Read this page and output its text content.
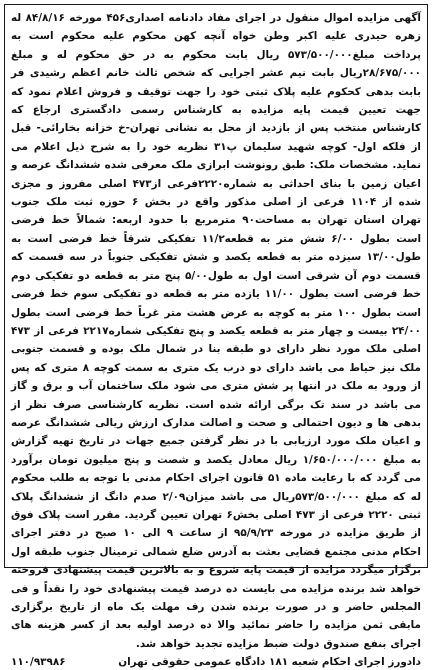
آگهی مزایده اموال منقول در اجرای مفاد دادنامه اصداری۴۵۶ مورخه ۸۴/۸/۱۶ له زهره حیدری علیه اکبر وطن خواه آنچه کهن محکوم علیه محکوم است به پرداخت مبلغ۵۷۳/۵۰۰/۰۰۰ ریال بابت محکوم به در حق محکوم له و مبلغ ۲۸/۶۷۵/۰۰۰ریال بابت نیم عشر اجرایی که شخص ثالث خانم اعظم رشیدی فر بابت بدهی کحکوم علیه پلاک ثبتی خود را جهت توقیف و فروش اعلام نمود که جهت تعیین قیمت پایه مزایده به کارشناس رسمی دادگستری ارجاع که کارشناس منتخب پس از بازدید از محل به نشانی تهران-خ خزانه بخارائی- قبل از فلکه اول- کوچه شهید سلیمان پ۳۱ نظریه خود را به شرح ذیل اعلام می نماید. مشخصات ملک: طبق رونوشت ابرازی ملک معرفی شده ششدانگ عرصه و اعیان زمین با بنای احداثی به شماره۲۲۲۰فرعی از۴۷۳ اصلی مفروز و مجزی شده از ۱۱۰۴ فرعی از اصلی مذکور واقع در بخش ۶ حوزه ثبت ملک جنوب تهران استان تهران به مساحت۹۰ مترمربع با حدود اربعه: شمالاً خط فرضی است بطول ۶/۰۰ شش متر به قطعه۱۱/۲ تفکیکی شرقاً خط فرضی است به طول۱۳/۰۰ سیزده متر به قطعه یکصد و شش تفکیکی جنوباً در سه قسمت که قسمت دوم آن شرقی است اول به طول۵/۰۰ پنج متر به قطعه دو تفکیکی دوم خط فرضی است بطول ۱۱/۰۰ یازده متر به قطعه دو تفکیکی سوم خط فرضی است بطول ۱۰۰ متر به کوچه به عرض هشت متر غرباً خط فرضی است بطول ۲۴/۰۰ بیست و چهار متر به قطعه یکصد و پنج تفکیکی شماره۲۲۱۷ فرعی از ۴۷۳ اصلی ملک مورد نظر دارای دو طبقه بنا در شمال ملک بوده و قسمت جنوبی ملک نیز حیاط می باشد دارای دو درب یک متری به سمت کوچه ۸ متری که پس از ورود به ملک در انتها پر شش متری می شود ملک ساختمان آب و برق و گاز می باشد در سند تک برگی ارائه شده است. نظریه کارشناسی صرف نظر از بدهی ها و دیون احتمالی و صحت و اصالت مدارک ارزش ریالی ششدانگ عرصه و اعیان ملک مورد ارزیابی با در نظر گرفتن جمیع جهات در تاریخ تهیه گزارش به مبلغ ۱/۶۵۰/۰۰۰/۰۰۰ ریال معادل یکصد و شصت و پنج میلیون تومان برآورد می گردد که با رعایت ماده ۵۱ قانون اجرای احکام مدنی با توجه به طلب محکوم له که مبلغ ۵۷۳/۵۰۰/۰۰۰ریال می باشد میزان۲/۰۹ صدم دانگ از ششدانگ پلاک ثبتی ۲۲۲۰ فرعی از ۴۷۳ اصلی بخش۶ تهران تعیین گردید. مقرر است پلاک فوق از طریق مزایده در مورخه ۹۵/۹/۲۳ از ساعت ۹ الی ۱۰ صبح در دفتر اجرای احکام مدنی مجتمع قضایی بعثت به آدرس ضلع شمالی ترمینال جنوب طبقه اول برگزار میگردد مزایده از قیمت پایه شروع و به بالاترین قیمت پیشنهادی فروخته خواهد شد برنده مزایده می بایست ده درصد قیمت پیشنهادی خود را نقداً و فی المجلس حاضر و در صورت برنده شدن رف مهلت یک ماه از تاریخ برگزاری مابقی ثمن مزایده را حاضر نمائید والا ده درصد اولیه بعد از کسر هزینه های اجرای بنفع صندوق دولت ضبط مزایده تجدید خواهد شد.

دادورز اجرای احکام شعبه ۱۸۱ دادگاه عمومی حقوقی تهران
۱۱۰/۹۳۹۸۶
